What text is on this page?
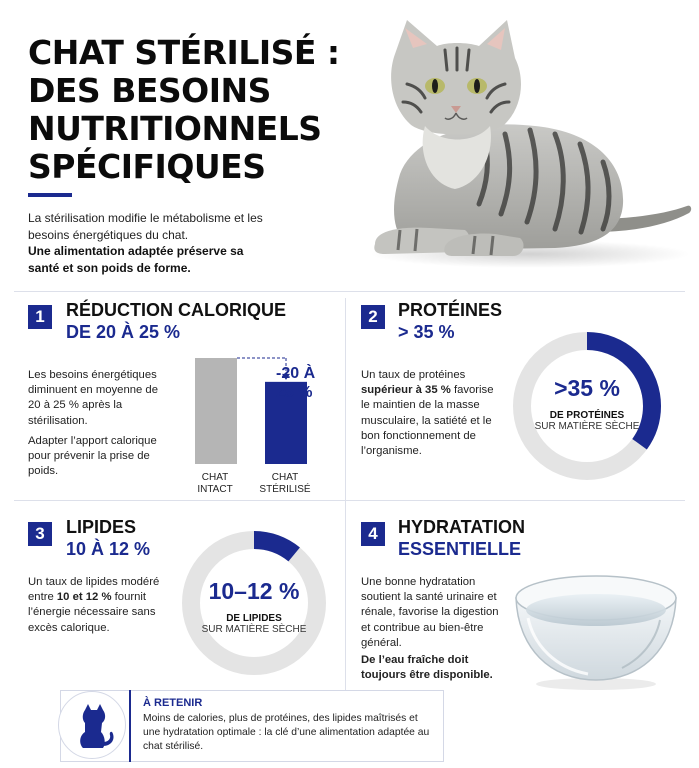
CHAT STÉRILISÉ : DES BESOINS NUTRITIONNELS SPÉCIFIQUES
La stérilisation modifie le métabolisme et les besoins énergétiques du chat.
Une alimentation adaptée préserve sa santé et son poids de forme.
1	RÉDUCTION CALORIQUE
DE 20 À 25 %
Les besoins énergétiques diminuent en moyenne de 20 à 25 % après la stérilisation.
Adapter l’apport calorique pour prévenir la prise de poids.
CHAT INTACT
CHAT STÉRILISÉ
-20 À 25 %
2	PROTÉINES
> 35 %
Un taux de protéines supérieur à 35 % favorise le maintien de la masse musculaire, la satiété et le bon fonctionnement de l’organisme.
>35 %
DE PROTÉINES
SUR MATIÈRE SÈCHE
3	LIPIDES
10 À 12 %
Un taux de lipides modéré entre 10 et 12 % fournit l’énergie nécessaire sans excès calorique.
10–12 %
DE LIPIDES
SUR MATIÈRE SÈCHE
4	HYDRATATION
ESSENTIELLE
Une bonne hydratation soutient la santé urinaire et rénale, favorise la digestion et contribue au bien-être général.
De l’eau fraîche doit toujours être disponible.
À RETENIR
Moins de calories, plus de protéines, des lipides maîtrisés et une hydratation optimale : la clé d’une alimentation adaptée au chat stérilisé.
